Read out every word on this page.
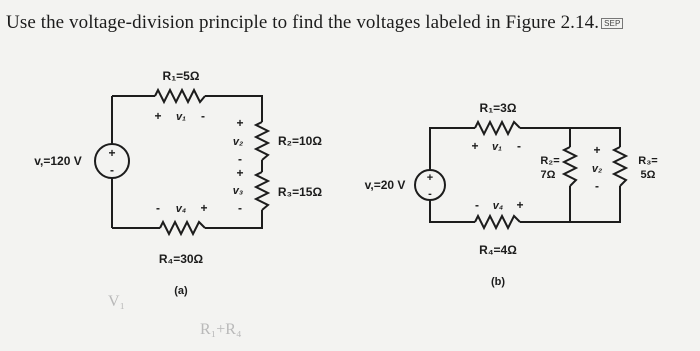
Use the voltage-division principle to find the voltages labeled in Figure 2.14. SEP
+
-
v,=120 V
R₁=5Ω
+ v₁ -
R₂=10Ω
+
v₂
-
R₃=15Ω
+
v₃
-
R₄=30Ω
- v₄ +
(a)
+
-
v,=20 V
R₁=3Ω
+ v₁ -
R₂=
7Ω
R₃=
5Ω
+
v₂
-
R₄=4Ω
- v₄ +
(b)
V₁
R₁+R₄
